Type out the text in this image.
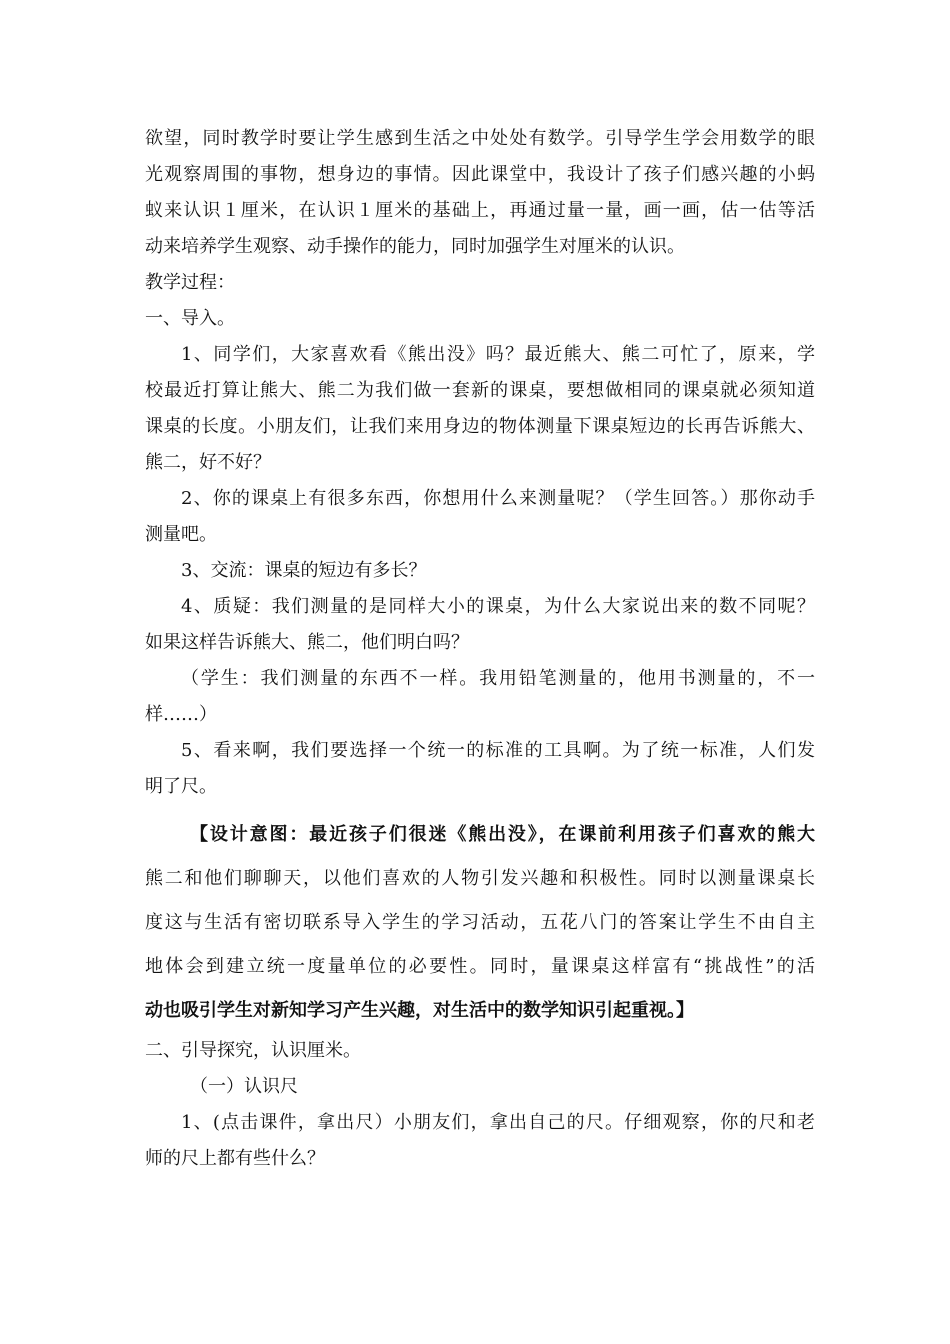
欲望，同时教学时要让学生感到生活之中处处有数学。引导学生学会用数学的眼
光观察周围的事物，想身边的事情。因此课堂中，我设计了孩子们感兴趣的小蚂
蚁来认识１厘米，在认识１厘米的基础上，再通过量一量，画一画，估一估等活
动来培养学生观察、动手操作的能力，同时加强学生对厘米的认识。
教学过程：
一、导入。
1、同学们，大家喜欢看《熊出没》吗？最近熊大、熊二可忙了，原来，学
校最近打算让熊大、熊二为我们做一套新的课桌，要想做相同的课桌就必须知道
课桌的长度。小朋友们，让我们来用身边的物体测量下课桌短边的长再告诉熊大、
熊二，好不好？
2、你的课桌上有很多东西，你想用什么来测量呢？（学生回答。）那你动手
测量吧。
3、交流：课桌的短边有多长？
4、质疑：我们测量的是同样大小的课桌，为什么大家说出来的数不同呢？
如果这样告诉熊大、熊二，他们明白吗？
（学生：我们测量的东西不一样。我用铅笔测量的，他用书测量的，不一
样……）
5、看来啊，我们要选择一个统一的标准的工具啊。为了统一标准，人们发
明了尺。
【设计意图：最近孩子们很迷《熊出没》，在课前利用孩子们喜欢的熊大
熊二和他们聊聊天，以他们喜欢的人物引发兴趣和积极性。同时以测量课桌长
度这与生活有密切联系导入学生的学习活动，五花八门的答案让学生不由自主
地体会到建立统一度量单位的必要性。同时，量课桌这样富有“挑战性”的活
动也吸引学生对新知学习产生兴趣，对生活中的数学知识引起重视。】
二、引导探究，认识厘米。
（一）认识尺
1、(点击课件，拿出尺）小朋友们，拿出自己的尺。仔细观察，你的尺和老
师的尺上都有些什么？
